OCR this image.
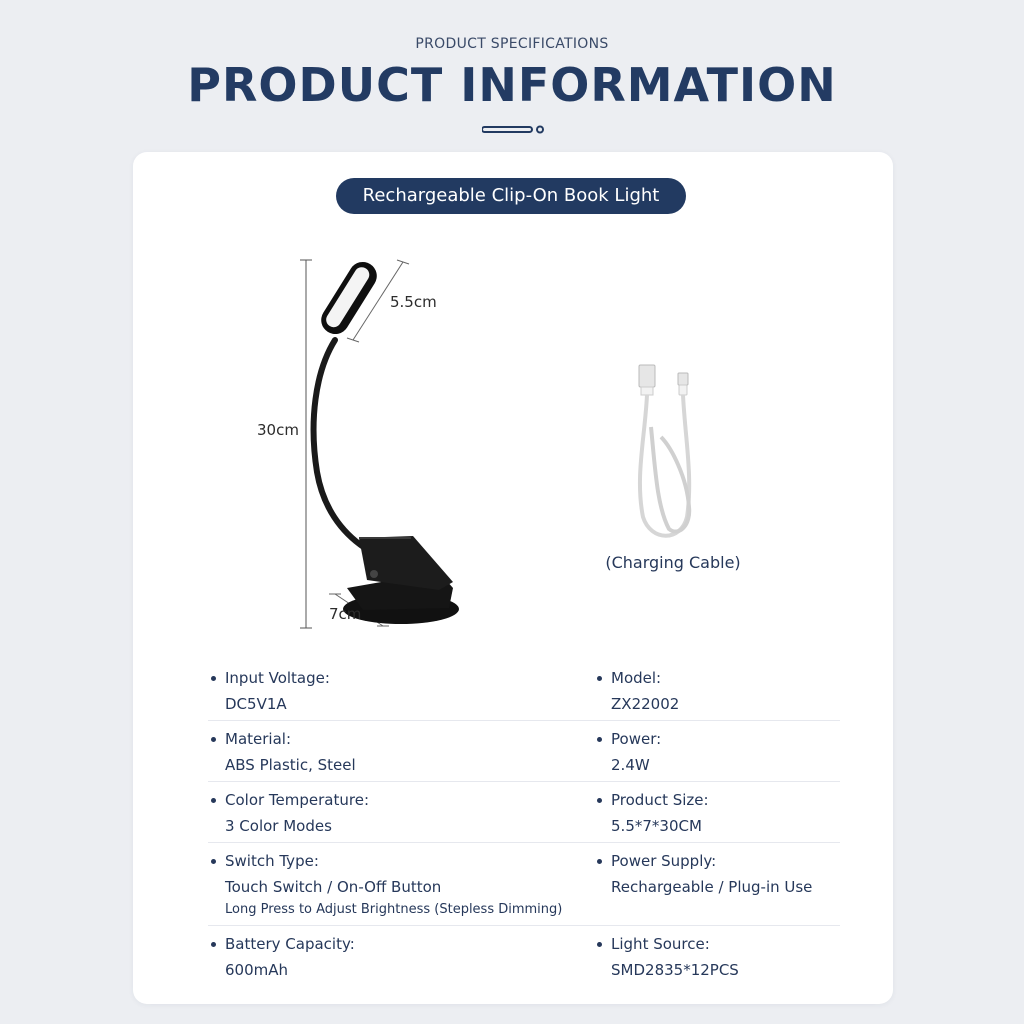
PRODUCT SPECIFICATIONS
PRODUCT INFORMATION
Rechargeable Clip-On Book Light
5.5cm
30cm
7cm
(Charging Cable)
Input Voltage:
DC5V1A
Model:
ZX22002
Material:
ABS Plastic, Steel
Power:
2.4W
Color Temperature:
3 Color Modes
Product Size:
5.5*7*30CM
Switch Type:
Touch Switch / On-Off Button
Long Press to Adjust Brightness (Stepless Dimming)
Power Supply:
Rechargeable / Plug-in Use
Battery Capacity:
600mAh
Light Source:
SMD2835*12PCS
